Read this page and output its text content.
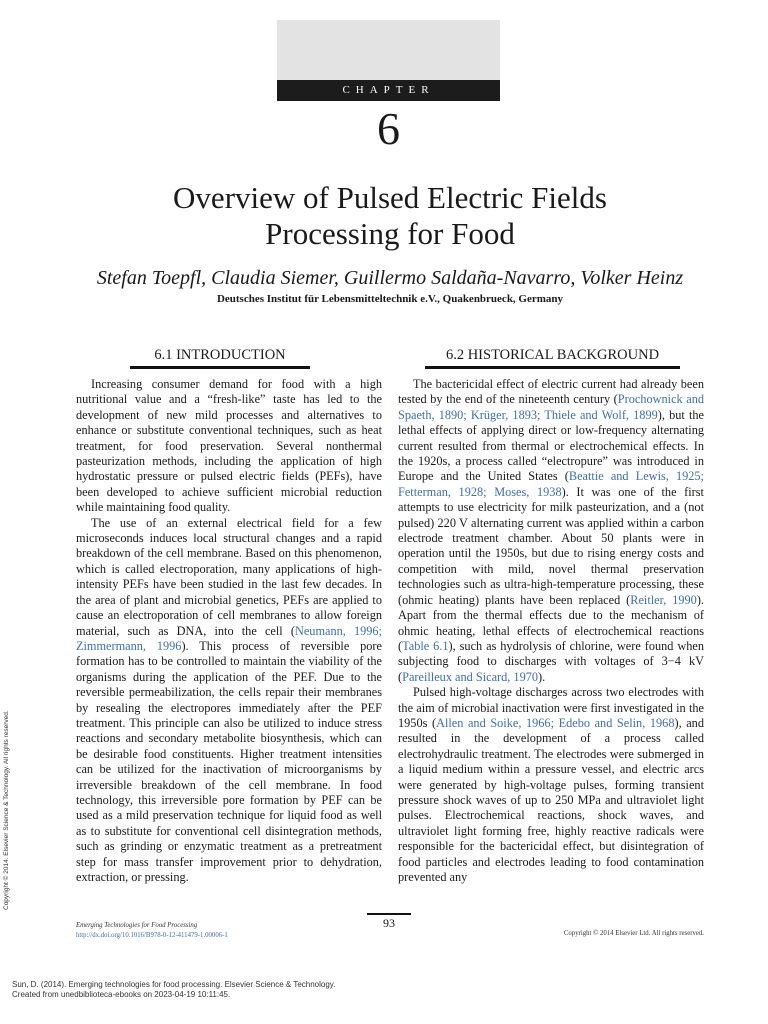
CHAPTER
6
Overview of Pulsed Electric Fields
Processing for Food
Stefan Toepfl, Claudia Siemer, Guillermo Saldaña-Navarro, Volker Heinz
Deutsches Institut für Lebensmitteltechnik e.V., Quakenbrueck, Germany
6.1 INTRODUCTION	6.2 HISTORICAL BACKGROUND

Increasing consumer demand for food with a high nutritional value and a “fresh-like” taste has led to the development of new mild processes and alternatives to enhance or substitute conventional techniques, such as heat treatment, for food preservation. Several nonthermal pasteurization methods, including the application of high hydrostatic pressure or pulsed electric fields (PEFs), have been developed to achieve sufficient microbial reduction while maintaining food quality.

The use of an external electrical field for a few microseconds induces local structural changes and a rapid breakdown of the cell membrane. Based on this phenomenon, which is called electroporation, many applications of high-intensity PEFs have been studied in the last few decades. In the area of plant and microbial genetics, PEFs are applied to cause an electroporation of cell membranes to allow foreign material, such as DNA, into the cell (Neumann, 1996; Zimmermann, 1996). This process of reversible pore formation has to be controlled to maintain the viability of the organisms during the application of the PEF. Due to the reversible permeabilization, the cells repair their membranes by resealing the electropores immediately after the PEF treatment. This principle can also be utilized to induce stress reactions and secondary metabolite biosynthesis, which can be desirable food constituents. Higher treatment intensities can be utilized for the inactivation of microorganisms by irreversible breakdown of the cell membrane. In food technology, this irreversible pore formation by PEF can be used as a mild preservation technique for liquid food as well as to substitute for conventional cell disintegration methods, such as grinding or enzymatic treatment as a pretreatment step for mass transfer improvement prior to dehydration, extraction, or pressing.

The bactericidal effect of electric current had already been tested by the end of the nineteenth century (Prochownick and Spaeth, 1890; Krüger, 1893; Thiele and Wolf, 1899), but the lethal effects of applying direct or low-frequency alternating current resulted from thermal or electrochemical effects. In the 1920s, a process called “electropure” was introduced in Europe and the United States (Beattie and Lewis, 1925; Fetterman, 1928; Moses, 1938). It was one of the first attempts to use electricity for milk pasteurization, and a (not pulsed) 220 V alternating current was applied within a carbon electrode treatment chamber. About 50 plants were in operation until the 1950s, but due to rising energy costs and competition with mild, novel thermal preservation technologies such as ultra-high-temperature processing, these (ohmic heating) plants have been replaced (Reitler, 1990). Apart from the thermal effects due to the mechanism of ohmic heating, lethal effects of electrochemical reactions (Table 6.1), such as hydrolysis of chlorine, were found when subjecting food to discharges with voltages of 3−4 kV (Pareilleux and Sicard, 1970).

Pulsed high-voltage discharges across two electrodes with the aim of microbial inactivation were first investigated in the 1950s (Allen and Soike, 1966; Edebo and Selin, 1968), and resulted in the development of a process called electrohydraulic treatment. The electrodes were submerged in a liquid medium within a pressure vessel, and electric arcs were generated by high-voltage pulses, forming transient pressure shock waves of up to 250 MPa and ultraviolet light pulses. Electrochemical reactions, shock waves, and ultraviolet light forming free, highly reactive radicals were responsible for the bactericidal effect, but disintegration of food particles and electrodes leading to food contamination prevented any

Copyright © 2014. Elsevier Science & Technology. All rights reserved.
93
Emerging Technologies for Food Processing
http://dx.doi.org/10.1016/B978-0-12-411479-1.00006-1	Copyright © 2014 Elsevier Ltd. All rights reserved.
Sun, D. (2014). Emerging technologies for food processing. Elsevier Science & Technology.
Created from unedbiblioteca-ebooks on 2023-04-19 10:11:45.
